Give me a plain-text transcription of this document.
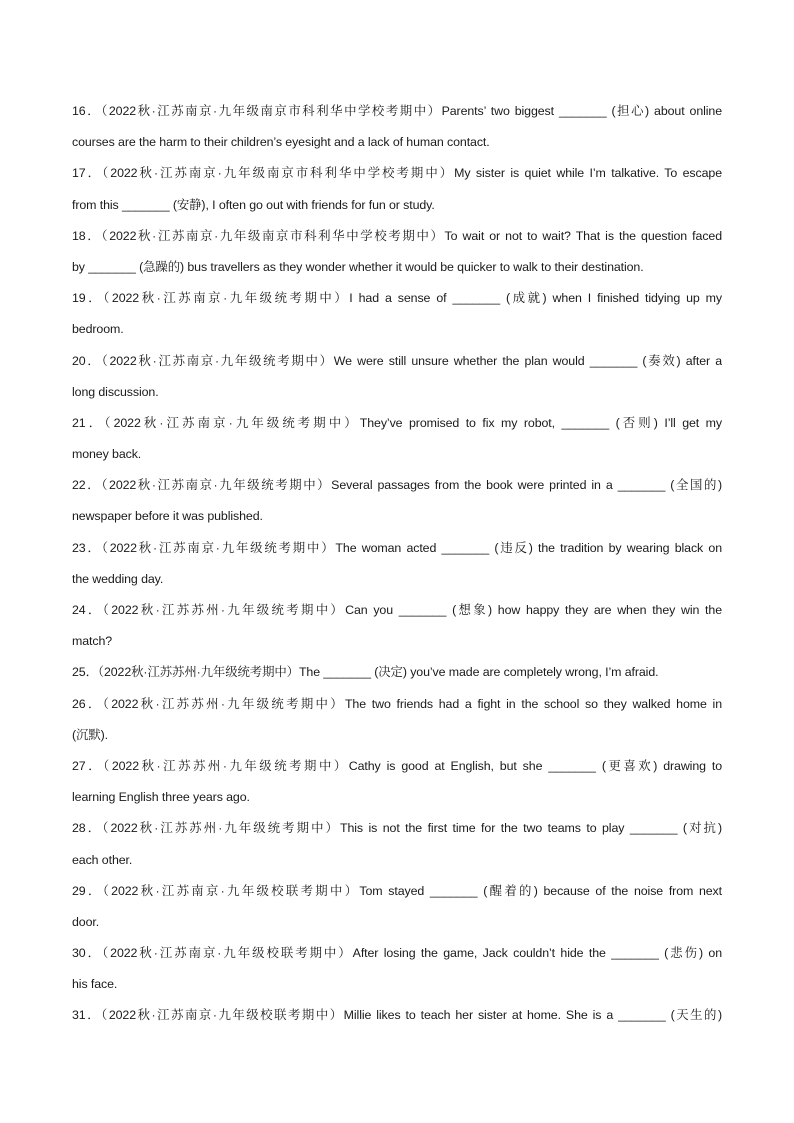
16．（2022秋·江苏南京·九年级南京市科利华中学校考期中）Parents’ two biggest _______ (担心) about online
courses are the harm to their children’s eyesight and a lack of human contact.
17．（2022秋·江苏南京·九年级南京市科利华中学校考期中）My sister is quiet while I’m talkative. To escape
from this _______ (安静), I often go out with friends for fun or study.
18．（2022秋·江苏南京·九年级南京市科利华中学校考期中）To wait or not to wait? That is the question faced
by _______ (急躁的) bus travellers as they wonder whether it would be quicker to walk to their destination.
19．（2022秋·江苏南京·九年级统考期中）I had a sense of _______ (成就) when I finished tidying up my
bedroom.
20．（2022秋·江苏南京·九年级统考期中）We were still unsure whether the plan would _______ (奏效) after a
long discussion.
21．（2022秋·江苏南京·九年级统考期中）They’ve promised to fix my robot, _______ (否则) I’ll get my
money back.
22．（2022秋·江苏南京·九年级统考期中）Several passages from the book were printed in a _______ (全国的)
newspaper before it was published.
23．（2022秋·江苏南京·九年级统考期中）The woman acted _______ (违反) the tradition by wearing black on
the wedding day.
24．（2022秋·江苏苏州·九年级统考期中）Can you _______ (想象) how happy they are when they win the
match?
25．（2022秋·江苏苏州·九年级统考期中）The _______ (决定) you’ve made are completely wrong, I’m afraid.
26．（2022秋·江苏苏州·九年级统考期中）The two friends had a fight in the school so they walked home in
(沉默).
27．（2022秋·江苏苏州·九年级统考期中）Cathy is good at English, but she _______ (更喜欢) drawing to
learning English three years ago.
28．（2022秋·江苏苏州·九年级统考期中）This is not the first time for the two teams to play _______ (对抗)
each other.
29．（2022秋·江苏南京·九年级校联考期中）Tom stayed _______ (醒着的) because of the noise from next
door.
30．（2022秋·江苏南京·九年级校联考期中）After losing the game, Jack couldn’t hide the _______ (悲伤) on
his face.
31．（2022秋·江苏南京·九年级校联考期中）Millie likes to teach her sister at home. She is a _______ (天生的)
